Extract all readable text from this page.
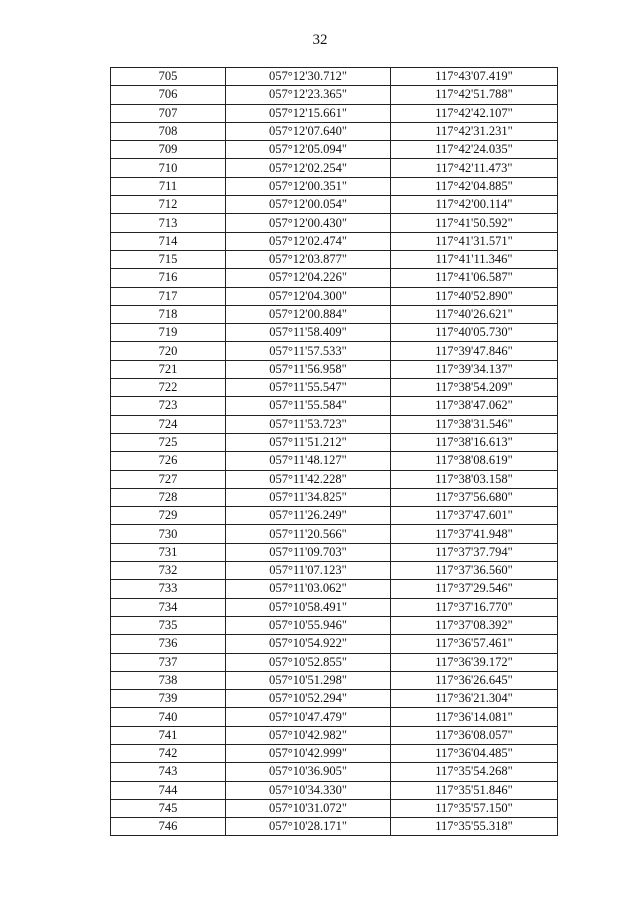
32
705	057°12'30.712"	117°43'07.419"
706	057°12'23.365"	117°42'51.788"
707	057°12'15.661"	117°42'42.107"
708	057°12'07.640"	117°42'31.231"
709	057°12'05.094"	117°42'24.035"
710	057°12'02.254"	117°42'11.473"
711	057°12'00.351"	117°42'04.885"
712	057°12'00.054"	117°42'00.114"
713	057°12'00.430"	117°41'50.592"
714	057°12'02.474"	117°41'31.571"
715	057°12'03.877"	117°41'11.346"
716	057°12'04.226"	117°41'06.587"
717	057°12'04.300"	117°40'52.890"
718	057°12'00.884"	117°40'26.621"
719	057°11'58.409"	117°40'05.730"
720	057°11'57.533"	117°39'47.846"
721	057°11'56.958"	117°39'34.137"
722	057°11'55.547"	117°38'54.209"
723	057°11'55.584"	117°38'47.062"
724	057°11'53.723"	117°38'31.546"
725	057°11'51.212"	117°38'16.613"
726	057°11'48.127"	117°38'08.619"
727	057°11'42.228"	117°38'03.158"
728	057°11'34.825"	117°37'56.680"
729	057°11'26.249"	117°37'47.601"
730	057°11'20.566"	117°37'41.948"
731	057°11'09.703"	117°37'37.794"
732	057°11'07.123"	117°37'36.560"
733	057°11'03.062"	117°37'29.546"
734	057°10'58.491"	117°37'16.770"
735	057°10'55.946"	117°37'08.392"
736	057°10'54.922"	117°36'57.461"
737	057°10'52.855"	117°36'39.172"
738	057°10'51.298"	117°36'26.645"
739	057°10'52.294"	117°36'21.304"
740	057°10'47.479"	117°36'14.081"
741	057°10'42.982"	117°36'08.057"
742	057°10'42.999"	117°36'04.485"
743	057°10'36.905"	117°35'54.268"
744	057°10'34.330"	117°35'51.846"
745	057°10'31.072"	117°35'57.150"
746	057°10'28.171"	117°35'55.318"
